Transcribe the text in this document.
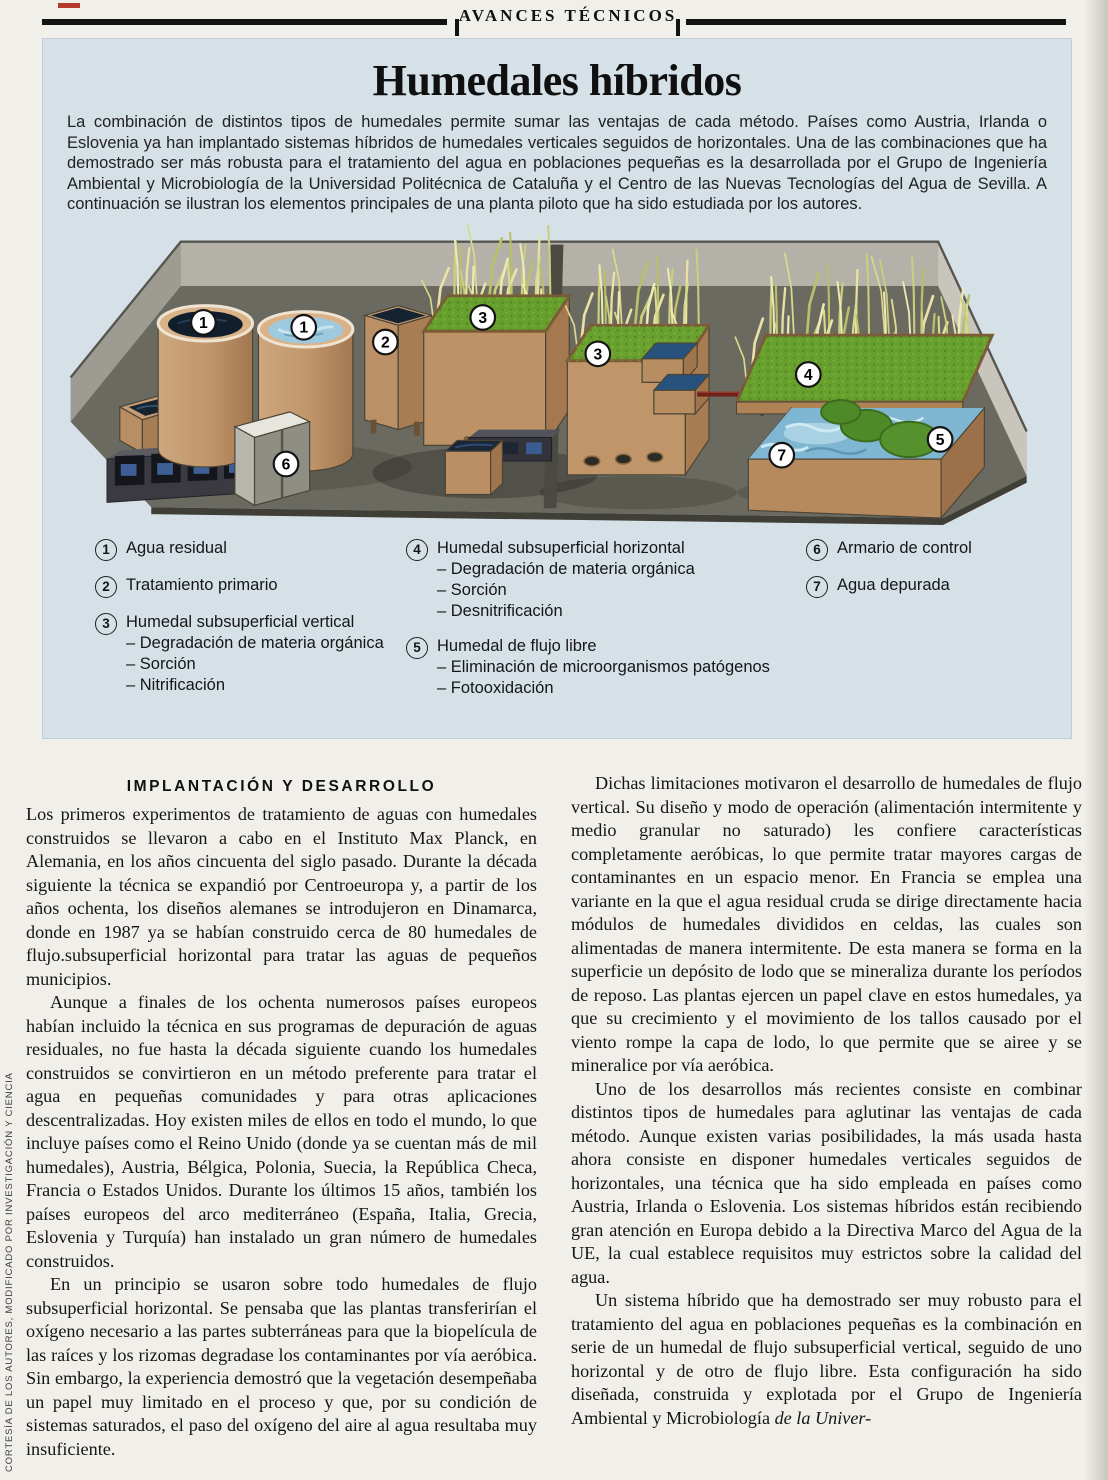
AVANCES TÉCNICOS
Humedales híbridos
La combinación de distintos tipos de humedales permite sumar las ventajas de cada método. Países como Austria, Irlanda o Eslovenia ya han implantado sistemas híbridos de humedales verticales seguidos de horizontales. Una de las combinaciones que ha demostrado ser más robusta para el tratamiento del agua en poblaciones pequeñas es la desarrollada por el Grupo de Ingeniería Ambiental y Microbiología de la Universidad Politécnica de Cataluña y el Centro de las Nuevas Tecnologías del Agua de Sevilla. A continuación se ilustran los elementos principales de una planta piloto que ha sido estudiada por los autores.
1	1
2
3
3
4
5
6
7
1 Agua residual
2 Tratamiento primario
3 Humedal subsuperficial vertical
– Degradación de materia orgánica
– Sorción
– Nitrificación
4 Humedal subsuperficial horizontal
– Degradación de materia orgánica
– Sorción
– Desnitrificación
5 Humedal de flujo libre
– Eliminación de microorganismos patógenos
– Fotooxidación
6 Armario de control
7 Agua depurada
IMPLANTACIÓN Y DESARROLLO

Los primeros experimentos de tratamiento de aguas con humedales construidos se llevaron a cabo en el Instituto Max Planck, en Alemania, en los años cincuenta del siglo pasado. Durante la década siguiente la técnica se expandió por Centroeuropa y, a partir de los años ochenta, los diseños alemanes se introdujeron en Dinamarca, donde en 1987 ya se habían construido cerca de 80 humedales de flujo.subsuperficial horizontal para tratar las aguas de pequeños municipios.

Aunque a finales de los ochenta numerosos países europeos habían incluido la técnica en sus programas de depuración de aguas residuales, no fue hasta la década siguiente cuando los humedales construidos se convirtieron en un método preferente para tratar el agua en pequeñas comunidades y para otras aplicaciones descentralizadas. Hoy existen miles de ellos en todo el mundo, lo que incluye países como el Reino Unido (donde ya se cuentan más de mil humedales), Austria, Bélgica, Polonia, Suecia, la República Checa, Francia o Estados Unidos. Durante los últimos 15 años, también los países europeos del arco mediterráneo (España, Italia, Grecia, Eslovenia y Turquía) han instalado un gran número de humedales construidos.

En un principio se usaron sobre todo humedales de flujo subsuperficial horizontal. Se pensaba que las plantas transferirían el oxígeno necesario a las partes subterráneas para que la biopelícula de las raíces y los rizomas degradase los contaminantes por vía aeróbica. Sin embargo, la experiencia demostró que la vegetación desempeñaba un papel muy limitado en el proceso y que, por su condición de sistemas saturados, el paso del oxígeno del aire al agua resultaba muy insuficiente.

Dichas limitaciones motivaron el desarrollo de humedales de flujo vertical. Su diseño y modo de operación (alimentación intermitente y medio granular no saturado) les confiere características completamente aeróbicas, lo que permite tratar mayores cargas de contaminantes en un espacio menor. En Francia se emplea una variante en la que el agua residual cruda se dirige directamente hacia módulos de humedales divididos en celdas, las cuales son alimentadas de manera intermitente. De esta manera se forma en la superficie un depósito de lodo que se mineraliza durante los períodos de reposo. Las plantas ejercen un papel clave en estos humedales, ya que su crecimiento y el movimiento de los tallos causado por el viento rompe la capa de lodo, lo que permite que se airee y se mineralice por vía aeróbica.

Uno de los desarrollos más recientes consiste en combinar distintos tipos de humedales para aglutinar las ventajas de cada método. Aunque existen varias posibilidades, la más usada hasta ahora consiste en disponer humedales verticales seguidos de horizontales, una técnica que ha sido empleada en países como Austria, Irlanda o Eslovenia. Los sistemas híbridos están recibiendo gran atención en Europa debido a la Directiva Marco del Agua de la UE, la cual establece requisitos muy estrictos sobre la calidad del agua.

Un sistema híbrido que ha demostrado ser muy robusto para el tratamiento del agua en poblaciones pequeñas es la combinación en serie de un humedal de flujo subsuperficial vertical, seguido de uno horizontal y de otro de flujo libre. Esta configuración ha sido diseñada, construida y explotada por el Grupo de Ingeniería Ambiental y Microbiología de la Univer-

CORTESÍA DE LOS AUTORES, MODIFICADO POR INVESTIGACIÓN Y CIENCIA
